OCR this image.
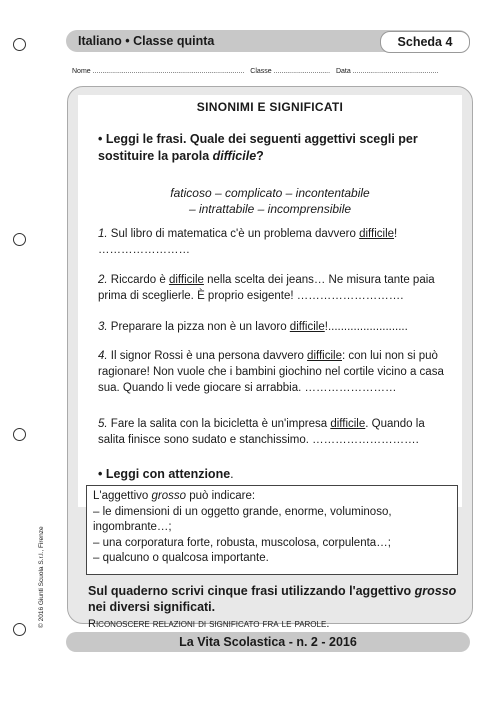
Italiano • Classe quinta	Scheda 4
Nome .............................................................................. Classe ............................. Data ............................................
SINONIMI E SIGNIFICATI
• Leggi le frasi. Quale dei seguenti aggettivi scegli per sostituire la parola difficile?
faticoso – complicato – incontentabile
– intrattabile – incomprensibile
1. Sul libro di matematica c'è un problema davvero difficile! ……………………
2. Riccardo è difficile nella scelta dei jeans… Ne misura tante paia prima di sceglierle. È proprio esigente! ……………………….
3. Preparare la pizza non è un lavoro difficile!.........................
4. Il signor Rossi è una persona davvero difficile: con lui non si può ragionare! Non vuole che i bambini giochino nel cortile vicino a casa sua. Quando li vede giocare si arrabbia. ……………………
5. Fare la salita con la bicicletta è un'impresa difficile. Quando la salita finisce sono sudato e stanchissimo. ……………………….
• Leggi con attenzione.
L'aggettivo grosso può indicare:
– le dimensioni di un oggetto grande, enorme, voluminoso, ingombrante…;
– una corporatura forte, robusta, muscolosa, corpulenta…;
– qualcuno o qualcosa importante.
Sul quaderno scrivi cinque frasi utilizzando l'aggettivo grosso nei diversi significati.
Riconoscere relazioni di significato fra le parole.
© 2016 Giunti Scuola S.r.l., Firenze
La Vita Scolastica - n. 2 - 2016
